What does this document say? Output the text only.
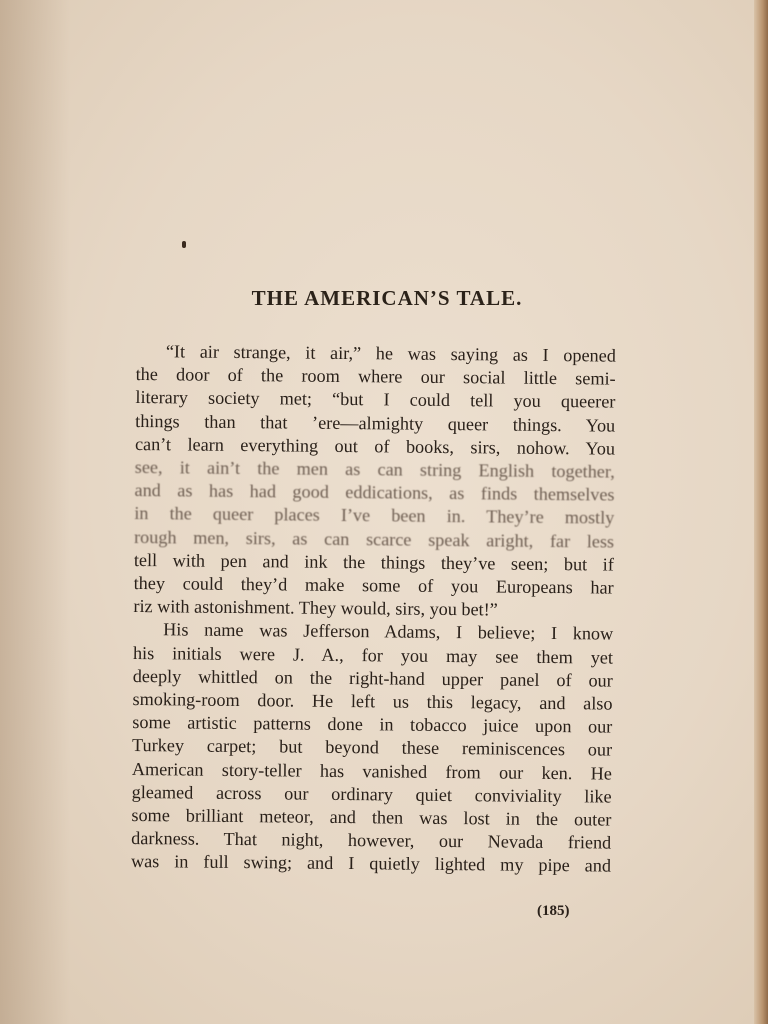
THE AMERICAN’S TALE.
“It air strange, it air,” he was saying as I opened
the door of the room where our social little semi-
literary society met; “but I could tell you queerer
things than that ’ere—almighty queer things. You
can’t learn everything out of books, sirs, nohow. You
see, it ain’t the men as can string English together,
and as has had good eddications, as finds themselves
in the queer places I’ve been in. They’re mostly
rough men, sirs, as can scarce speak aright, far less
tell with pen and ink the things they’ve seen; but if
they could they’d make some of you Europeans har
riz with astonishment. They would, sirs, you bet!”
His name was Jefferson Adams, I believe; I know
his initials were J. A., for you may see them yet
deeply whittled on the right-hand upper panel of our
smoking-room door. He left us this legacy, and also
some artistic patterns done in tobacco juice upon our
Turkey carpet; but beyond these reminiscences our
American story-teller has vanished from our ken. He
gleamed across our ordinary quiet conviviality like
some brilliant meteor, and then was lost in the outer
darkness. That night, however, our Nevada friend
was in full swing; and I quietly lighted my pipe and
(185)
